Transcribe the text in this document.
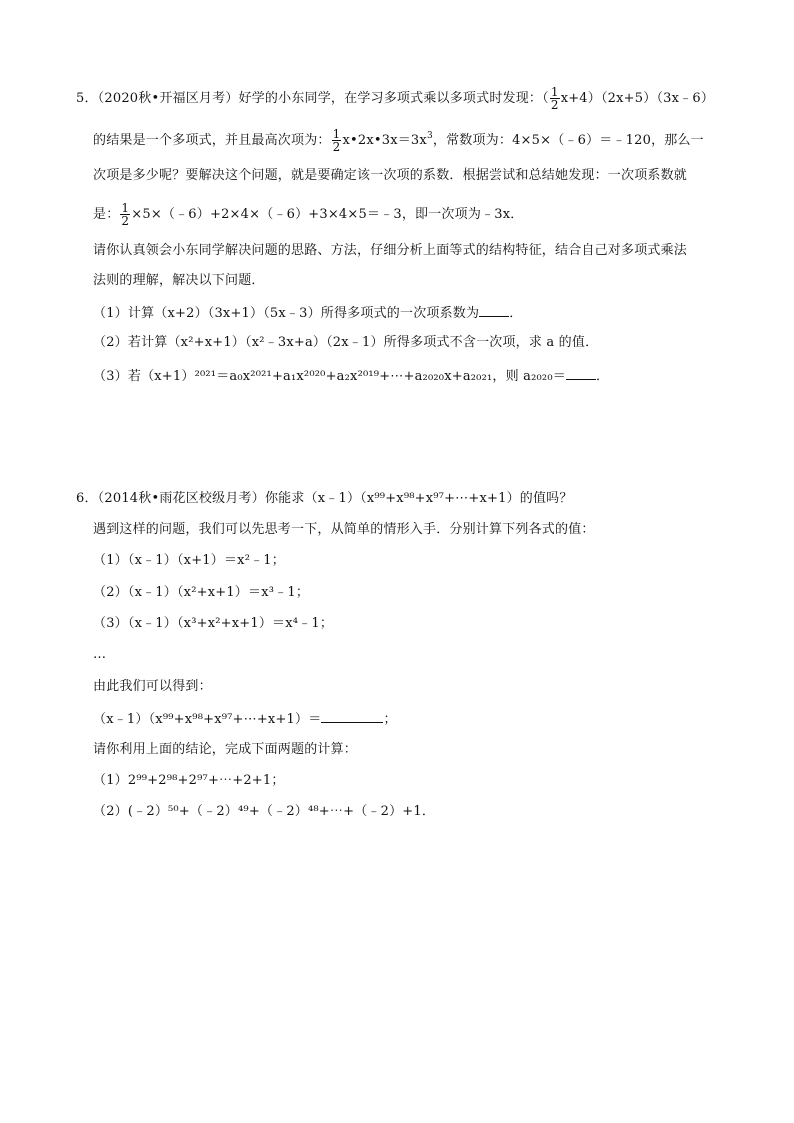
5．（2020秋•开福区月考）好学的小东同学，在学习多项式乘以多项式时发现：（ $\frac{1}{2}$ x+4）（2x+5）（3x﹣6）
的结果是一个多项式，并且最高次项为： $\frac{1}{2}$ $x•2x•3x=3x^3$，常数项为：4×5×（﹣6）＝﹣120，那么一
次项是多少呢？要解决这个问题，就是要确定该一次项的系数．根据尝试和总结她发现：一次项系数就
是： $\frac{1}{2}$ ×5×（﹣6）+2×4×（﹣6）+3×4×5＝﹣3，即一次项为﹣3x．
请你认真领会小东同学解决问题的思路、方法，仔细分析上面等式的结构特征，结合自己对多项式乘法
法则的理解，解决以下问题．
（1）计算（x+2）（3x+1）（5x﹣3）所得多项式的一次项系数为 ．
（2）若计算（x²+x+1）（x²﹣3x+a）（2x﹣1）所得多项式不含一次项，求 a 的值．
（3）若（x+1）²⁰²¹＝a₀x²⁰²¹+a₁x²⁰²⁰+a₂x²⁰¹⁹+⋯+a₂₀₂₀x+a₂₀₂₁，则 a₂₀₂₀＝ ．
6．（2014秋•雨花区校级月考）你能求（x﹣1）（x⁹⁹+x⁹⁸+x⁹⁷+⋯+x+1）的值吗？
遇到这样的问题，我们可以先思考一下，从简单的情形入手．分别计算下列各式的值：
（1）（x﹣1）（x+1）＝x²﹣1；
（2）（x﹣1）（x²+x+1）＝x³﹣1；
（3）（x﹣1）（x³+x²+x+1）＝x⁴﹣1；
…
由此我们可以得到：
（x﹣1）（x⁹⁹+x⁹⁸+x⁹⁷+⋯+x+1）＝	；
请你利用上面的结论，完成下面两题的计算：
（1）2⁹⁹+2⁹⁸+2⁹⁷+⋯+2+1；
（2）(﹣2）⁵⁰+（﹣2）⁴⁹+（﹣2）⁴⁸+⋯+（﹣2）+1．
